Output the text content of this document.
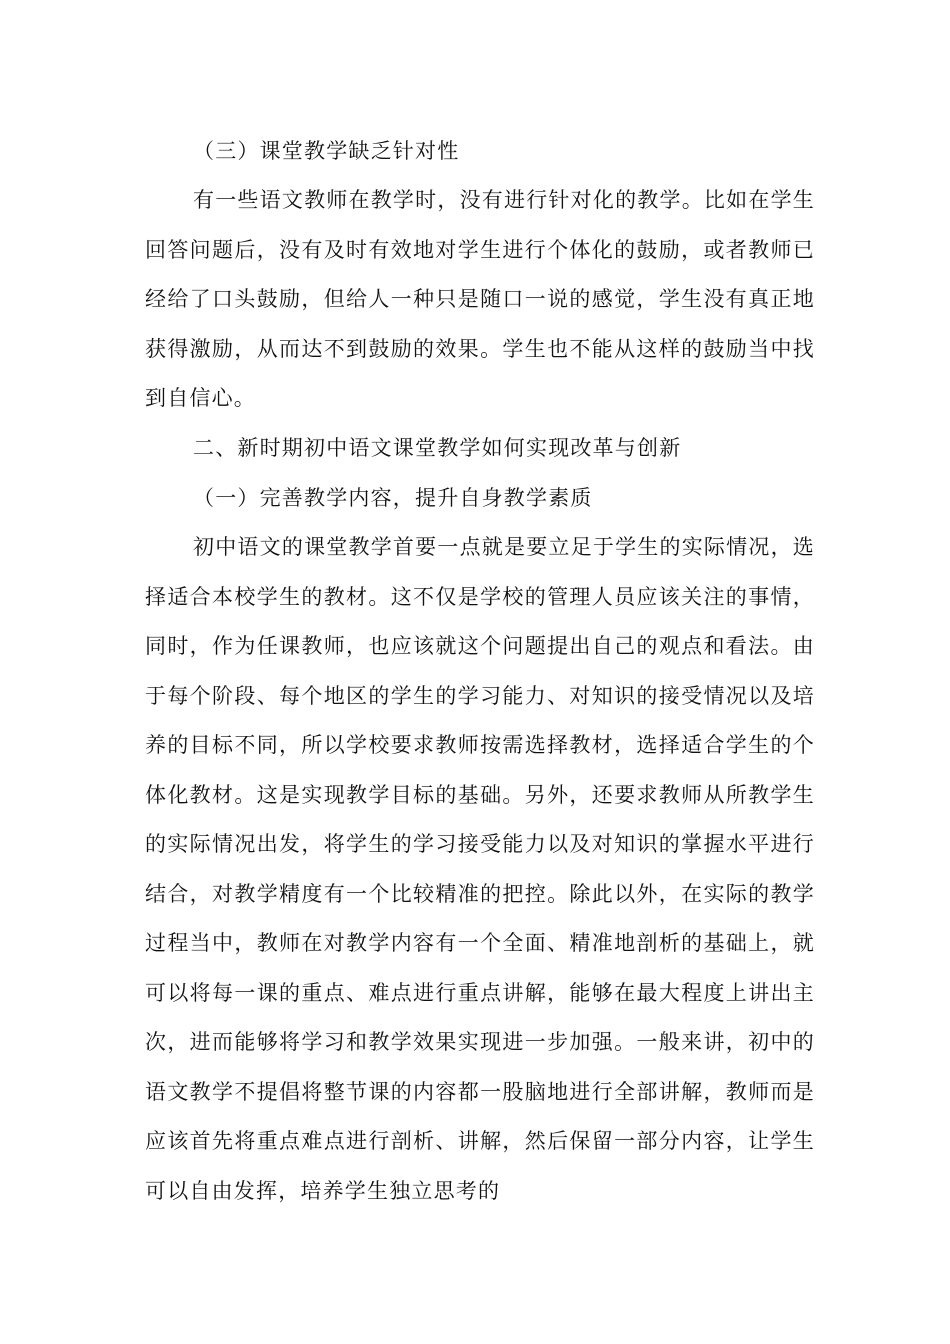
（三）课堂教学缺乏针对性

有一些语文教师在教学时，没有进行针对化的教学。比如在学生回答问题后，没有及时有效地对学生进行个体化的鼓励，或者教师已经给了口头鼓励，但给人一种只是随口一说的感觉，学生没有真正地获得激励，从而达不到鼓励的效果。学生也不能从这样的鼓励当中找到自信心。

二、新时期初中语文课堂教学如何实现改革与创新

（一）完善教学内容，提升自身教学素质

初中语文的课堂教学首要一点就是要立足于学生的实际情况，选择适合本校学生的教材。这不仅是学校的管理人员应该关注的事情，同时，作为任课教师，也应该就这个问题提出自己的观点和看法。由于每个阶段、每个地区的学生的学习能力、对知识的接受情况以及培养的目标不同，所以学校要求教师按需选择教材，选择适合学生的个体化教材。这是实现教学目标的基础。另外，还要求教师从所教学生的实际情况出发，将学生的学习接受能力以及对知识的掌握水平进行结合，对教学精度有一个比较精准的把控。除此以外，在实际的教学过程当中，教师在对教学内容有一个全面、精准地剖析的基础上，就可以将每一课的重点、难点进行重点讲解，能够在最大程度上讲出主次，进而能够将学习和教学效果实现进一步加强。一般来讲，初中的语文教学不提倡将整节课的内容都一股脑地进行全部讲解，教师而是应该首先将重点难点进行剖析、讲解，然后保留一部分内容，让学生可以自由发挥，培养学生独立思考的
